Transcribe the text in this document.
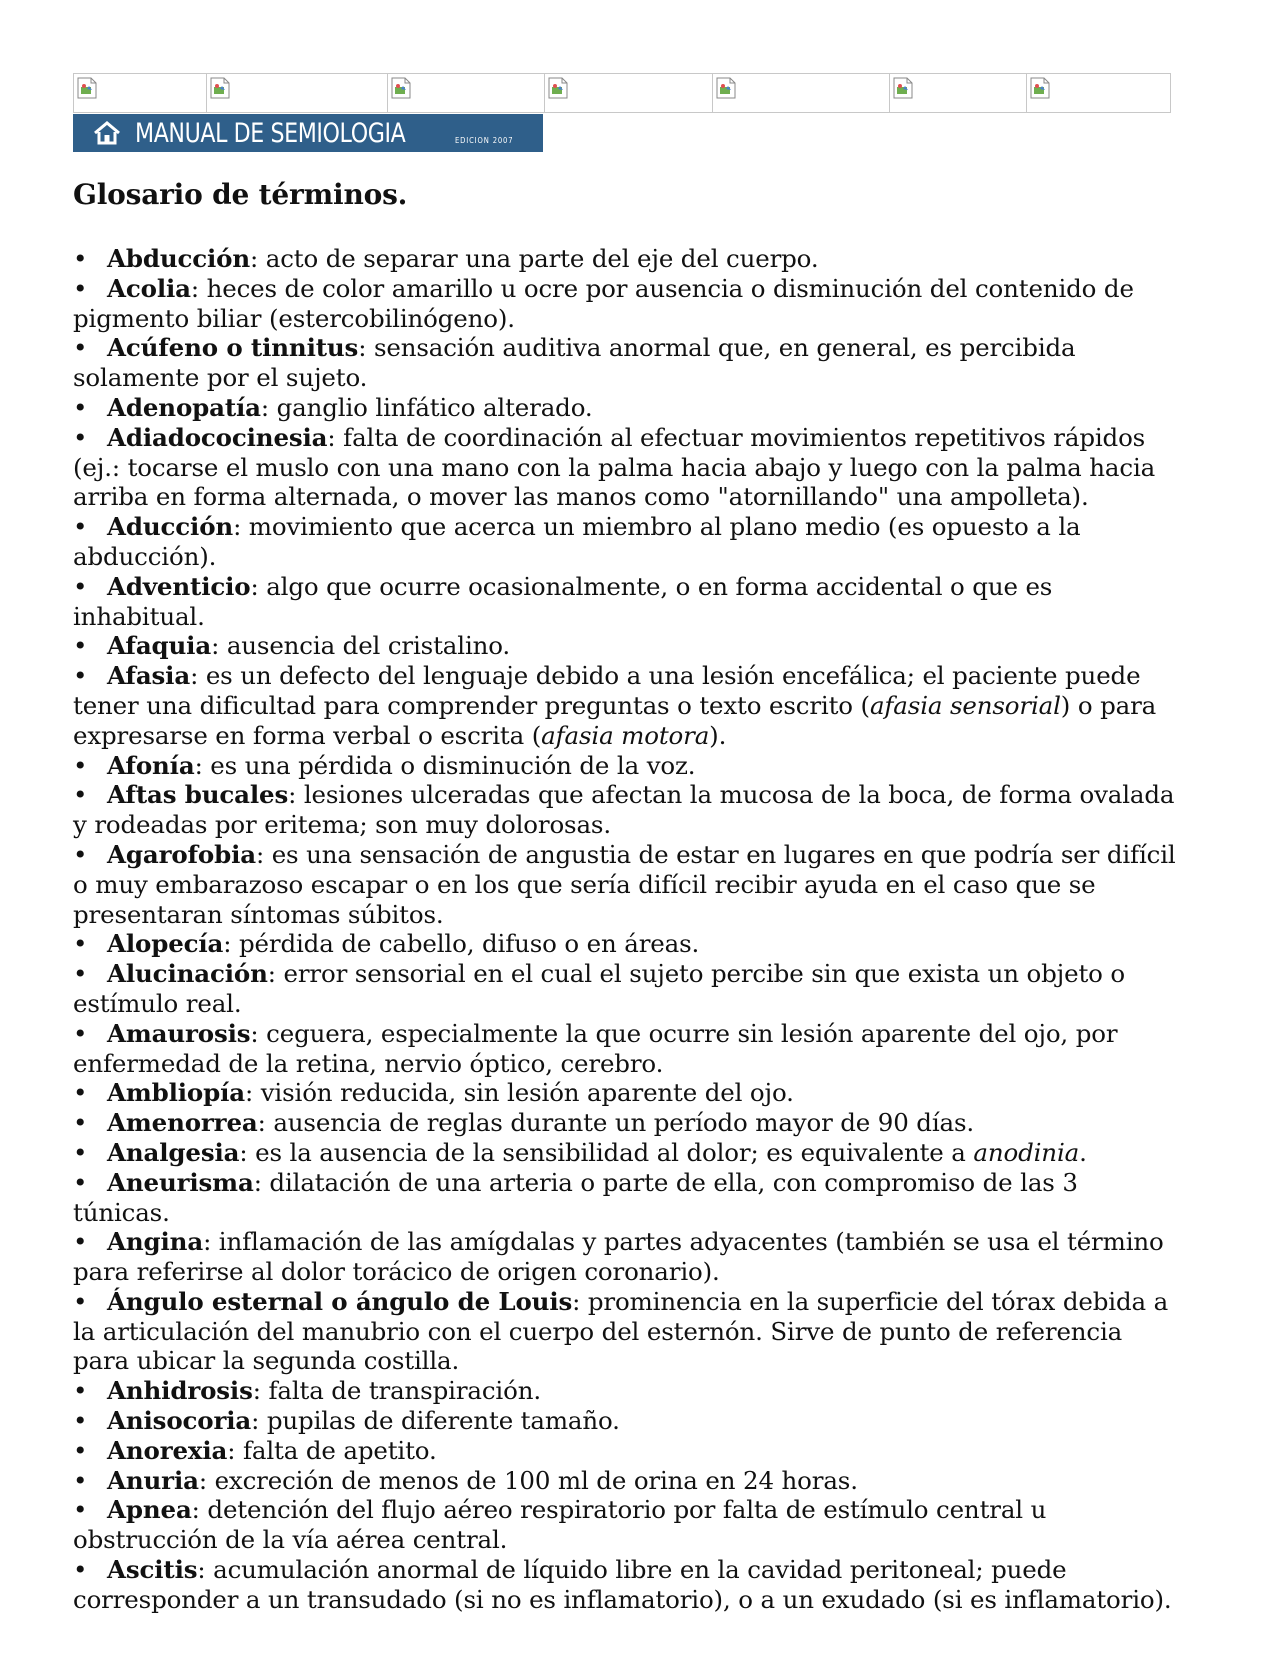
MANUAL DE SEMIOLOGIA	EDICION 2007
Glosario de términos.

• Abducción: acto de separar una parte del eje del cuerpo.

• Acolia: heces de color amarillo u ocre por ausencia o disminución del contenido de pigmento biliar (estercobilinógeno).

• Acúfeno o tinnitus: sensación auditiva anormal que, en general, es percibida solamente por el sujeto.

• Adenopatía: ganglio linfático alterado.

• Adiadococinesia: falta de coordinación al efectuar movimientos repetitivos rápidos (ej.: tocarse el muslo con una mano con la palma hacia abajo y luego con la palma hacia arriba en forma alternada, o mover las manos como "atornillando" una ampolleta).

• Aducción: movimiento que acerca un miembro al plano medio (es opuesto a la abducción).

• Adventicio: algo que ocurre ocasionalmente, o en forma accidental o que es inhabitual.

• Afaquia: ausencia del cristalino.

• Afasia: es un defecto del lenguaje debido a una lesión encefálica; el paciente puede tener una dificultad para comprender preguntas o texto escrito (afasia sensorial) o para expresarse en forma verbal o escrita (afasia motora).

• Afonía: es una pérdida o disminución de la voz.

• Aftas bucales: lesiones ulceradas que afectan la mucosa de la boca, de forma ovalada y rodeadas por eritema; son muy dolorosas.

• Agarofobia: es una sensación de angustia de estar en lugares en que podría ser difícil o muy embarazoso escapar o en los que sería difícil recibir ayuda en el caso que se presentaran síntomas súbitos.

• Alopecía: pérdida de cabello, difuso o en áreas.

• Alucinación: error sensorial en el cual el sujeto percibe sin que exista un objeto o estímulo real.

• Amaurosis: ceguera, especialmente la que ocurre sin lesión aparente del ojo, por enfermedad de la retina, nervio óptico, cerebro.

• Ambliopía: visión reducida, sin lesión aparente del ojo.

• Amenorrea: ausencia de reglas durante un período mayor de 90 días.

• Analgesia: es la ausencia de la sensibilidad al dolor; es equivalente a anodinia.

• Aneurisma: dilatación de una arteria o parte de ella, con compromiso de las 3 túnicas.

• Angina: inflamación de las amígdalas y partes adyacentes (también se usa el término para referirse al dolor torácico de origen coronario).

• Ángulo esternal o ángulo de Louis: prominencia en la superficie del tórax debida a la articulación del manubrio con el cuerpo del esternón. Sirve de punto de referencia para ubicar la segunda costilla.

• Anhidrosis: falta de transpiración.

• Anisocoria: pupilas de diferente tamaño.

• Anorexia: falta de apetito.

• Anuria: excreción de menos de 100 ml de orina en 24 horas.

• Apnea: detención del flujo aéreo respiratorio por falta de estímulo central u obstrucción de la vía aérea central.

• Ascitis: acumulación anormal de líquido libre en la cavidad peritoneal; puede corresponder a un transudado (si no es inflamatorio), o a un exudado (si es inflamatorio).
